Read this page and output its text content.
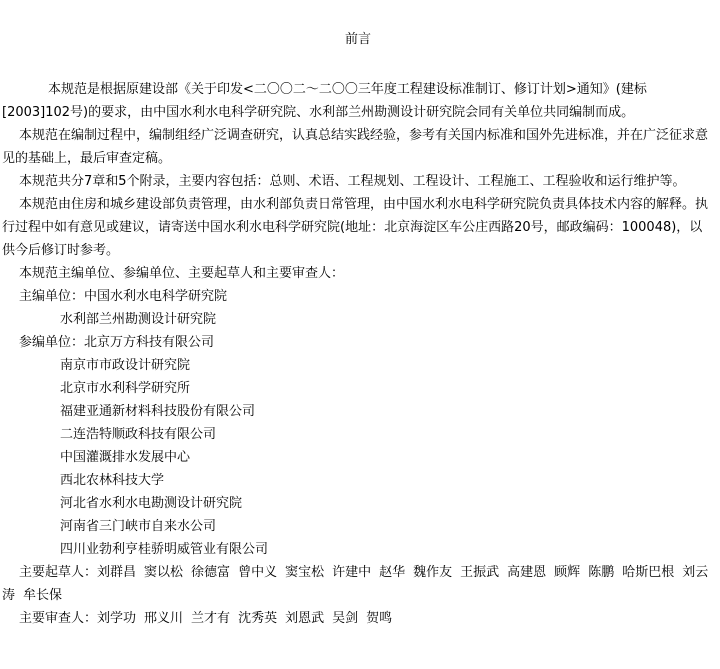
前言

本规范是根据原建设部《关于印发<二〇〇二～二〇〇三年度工程建设标准制订、修订计划>通知》(建标[2003]102号)的要求，由中国水利水电科学研究院、水利部兰州勘测设计研究院会同有关单位共同编制而成。

本规范在编制过程中，编制组经广泛调查研究，认真总结实践经验，参考有关国内标准和国外先进标准，并在广泛征求意见的基础上，最后审查定稿。

本规范共分7章和5个附录，主要内容包括：总则、术语、工程规划、工程设计、工程施工、工程验收和运行维护等。

本规范由住房和城乡建设部负责管理，由水利部负责日常管理，由中国水利水电科学研究院负责具体技术内容的解释。执行过程中如有意见或建议，请寄送中国水利水电科学研究院(地址：北京海淀区车公庄西路20号，邮政编码：100048)，以供今后修订时参考。

本规范主编单位、参编单位、主要起草人和主要审查人：

主编单位：中国水利水电科学研究院
水利部兰州勘测设计研究院
参编单位：北京万方科技有限公司
南京市市政设计研究院
北京市水利科学研究所
福建亚通新材料科技股份有限公司
二连浩特顺政科技有限公司
中国灌溉排水发展中心
西北农林科技大学
河北省水利水电勘测设计研究院
河南省三门峡市自来水公司
四川业勃利亨桂骄明威管业有限公司
主要起草人：刘群昌 窦以松 徐德富 曾中义 窦宝松 许建中 赵华 魏作友 王振武 高建恩 顾辉 陈鹏 哈斯巴根 刘云涛 牟长保
主要审查人：刘学功 邢义川 兰才有 沈秀英 刘恩武 吴剑 贺鸣
